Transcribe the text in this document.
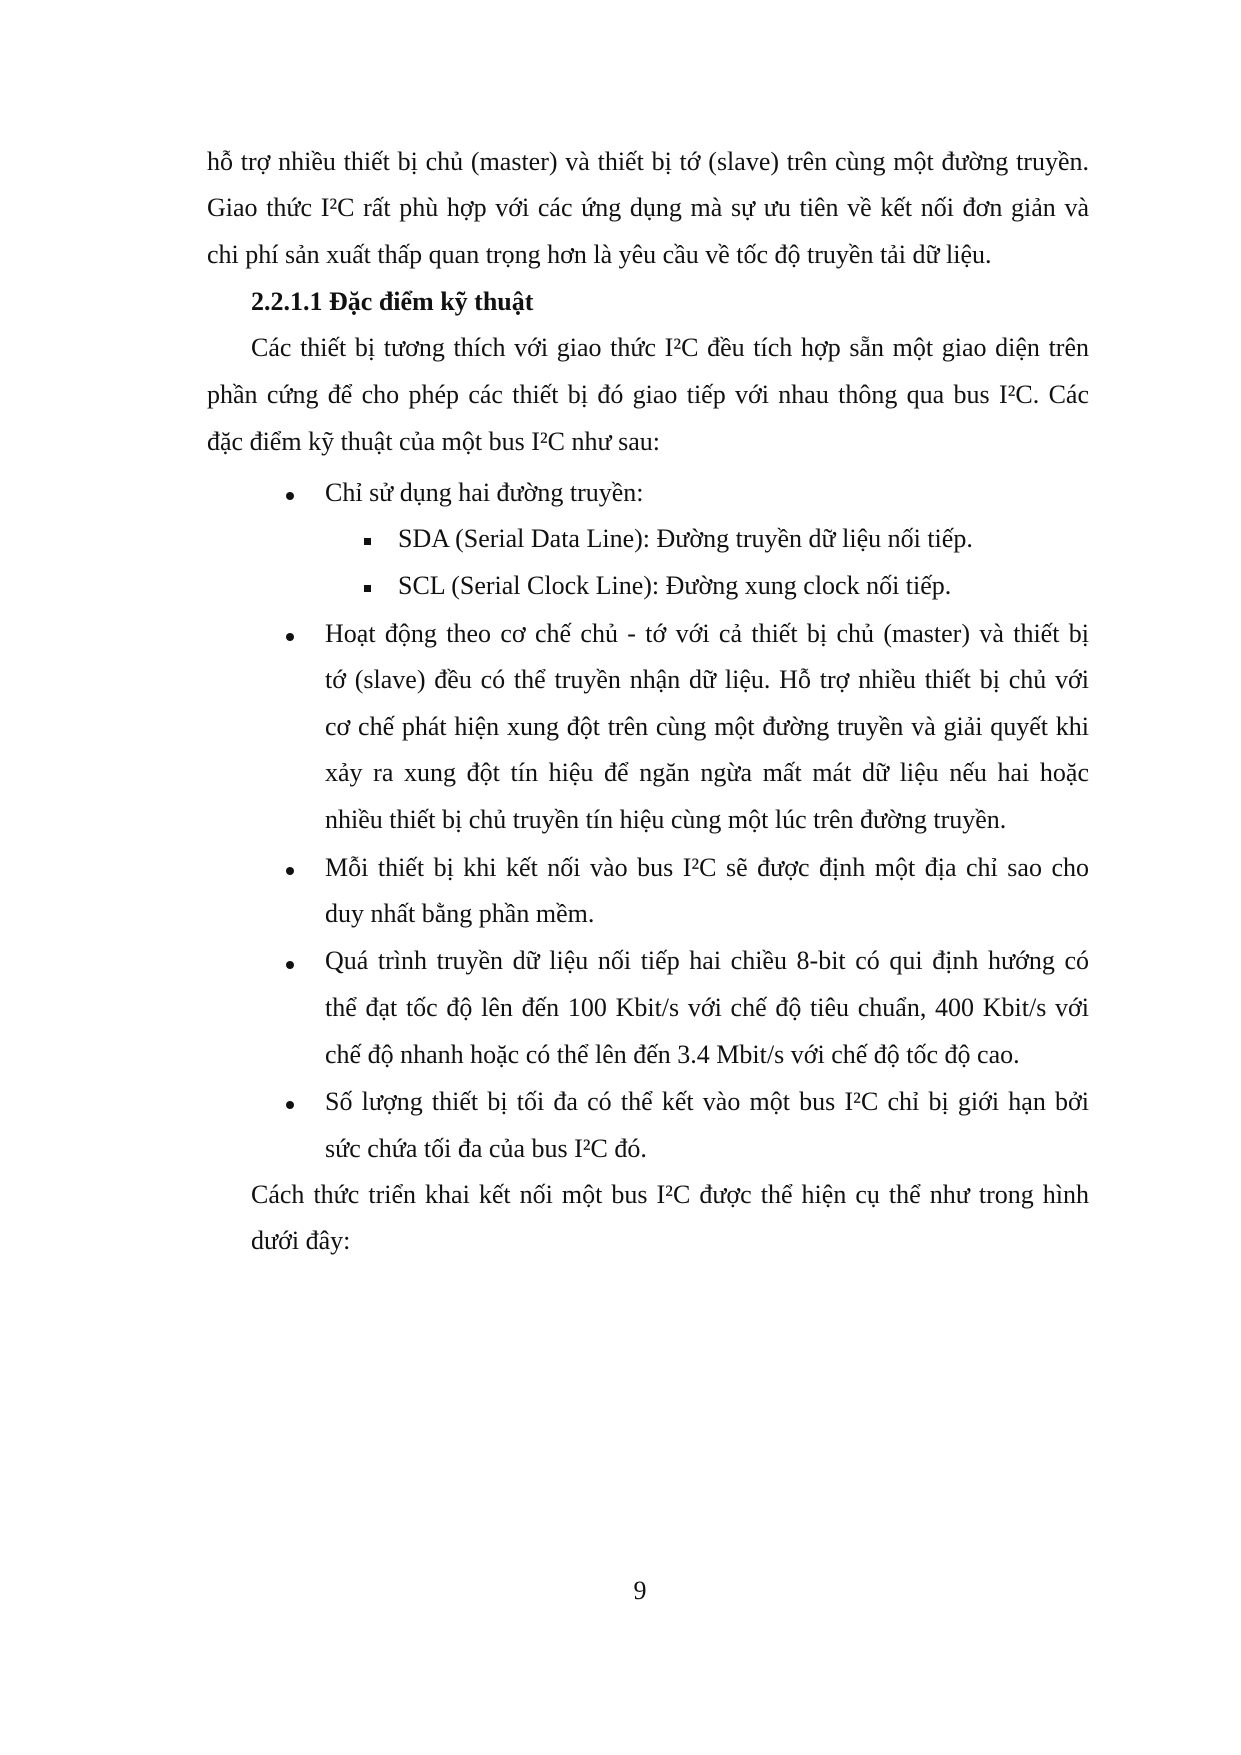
hỗ trợ nhiều thiết bị chủ (master) và thiết bị tớ (slave) trên cùng một đường truyền.
Giao thức I²C rất phù hợp với các ứng dụng mà sự ưu tiên về kết nối đơn giản và
chi phí sản xuất thấp quan trọng hơn là yêu cầu về tốc độ truyền tải dữ liệu.
2.2.1.1 Đặc điểm kỹ thuật
Các thiết bị tương thích với giao thức I²C đều tích hợp sẵn một giao diện trên
phần cứng để cho phép các thiết bị đó giao tiếp với nhau thông qua bus I²C. Các
đặc điểm kỹ thuật của một bus I²C như sau:
Chỉ sử dụng hai đường truyền:
SDA (Serial Data Line): Đường truyền dữ liệu nối tiếp.
SCL (Serial Clock Line): Đường xung clock nối tiếp.
Hoạt động theo cơ chế chủ - tớ với cả thiết bị chủ (master) và thiết bị
tớ (slave) đều có thể truyền nhận dữ liệu. Hỗ trợ nhiều thiết bị chủ với
cơ chế phát hiện xung đột trên cùng một đường truyền và giải quyết khi
xảy ra xung đột tín hiệu để ngăn ngừa mất mát dữ liệu nếu hai hoặc
nhiều thiết bị chủ truyền tín hiệu cùng một lúc trên đường truyền.
Mỗi thiết bị khi kết nối vào bus I²C sẽ được định một địa chỉ sao cho
duy nhất bằng phần mềm.
Quá trình truyền dữ liệu nối tiếp hai chiều 8-bit có qui định hướng có
thể đạt tốc độ lên đến 100 Kbit/s với chế độ tiêu chuẩn, 400 Kbit/s với
chế độ nhanh hoặc có thể lên đến 3.4 Mbit/s với chế độ tốc độ cao.
Số lượng thiết bị tối đa có thể kết vào một bus I²C chỉ bị giới hạn bởi
sức chứa tối đa của bus I²C đó.
Cách thức triển khai kết nối một bus I²C được thể hiện cụ thể như trong hình
dưới đây:
9
